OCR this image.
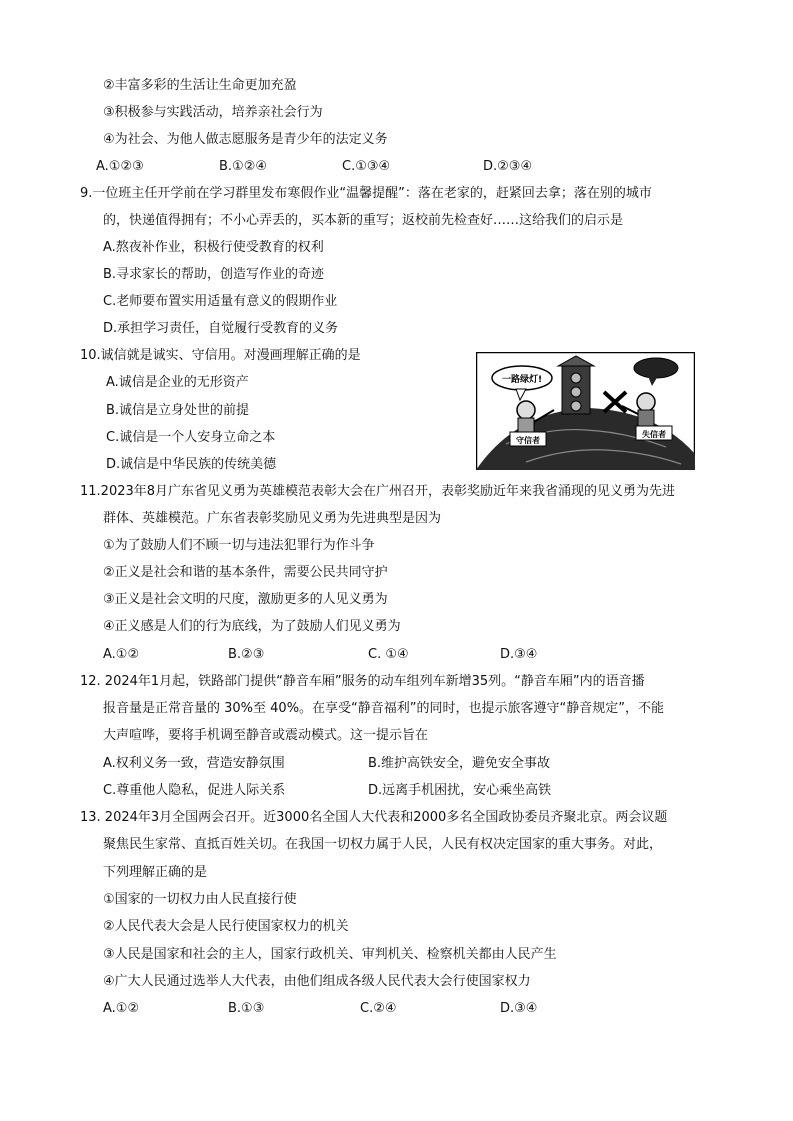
②丰富多彩的生活让生命更加充盈
③积极参与实践活动，培养亲社会行为
④为社会、为他人做志愿服务是青少年的法定义务
A.①②③	B.①②④	C.①③④	D.②③④
9.一位班主任开学前在学习群里发布寒假作业“温馨提醒”：落在老家的，赶紧回去拿；落在别的城市
的，快递值得拥有；不小心弄丢的，买本新的重写；返校前先检查好……这给我们的启示是
A.熬夜补作业，积极行使受教育的权利
B.寻求家长的帮助，创造写作业的奇迹
C.老师要布置实用适量有意义的假期作业
D.承担学习责任，自觉履行受教育的义务
10.诚信就是诚实、守信用。对漫画理解正确的是
A.诚信是企业的无形资产
B.诚信是立身处世的前提
C.诚信是一个人安身立命之本
D.诚信是中华民族的传统美德
一路绿灯!
守信者
失信者
11.2023年8月广东省见义勇为英雄模范表彰大会在广州召开，表彰奖励近年来我省涌现的见义勇为先进
群体、英雄模范。广东省表彰奖励见义勇为先进典型是因为
①为了鼓励人们不顾一切与违法犯罪行为作斗争
②正义是社会和谐的基本条件，需要公民共同守护
③正义是社会文明的尺度，激励更多的人见义勇为
④正义感是人们的行为底线，为了鼓励人们见义勇为
A.①②	B.②③	C. ①④	D.③④
12. 2024年1月起，铁路部门提供“静音车厢”服务的动车组列车新增35列。“静音车厢”内的语音播
报音量是正常音量的 30%至 40%。在享受“静音福利”的同时，也提示旅客遵守“静音规定”，不能
大声喧哗，要将手机调至静音或震动模式。这一提示旨在
A.权利义务一致，营造安静氛围	B.维护高铁安全，避免安全事故
C.尊重他人隐私，促进人际关系	D.远离手机困扰，安心乘坐高铁
13. 2024年3月全国两会召开。近3000名全国人大代表和2000多名全国政协委员齐聚北京。两会议题
聚焦民生家常、直抵百姓关切。在我国一切权力属于人民，人民有权决定国家的重大事务。对此，
下列理解正确的是
①国家的一切权力由人民直接行使
②人民代表大会是人民行使国家权力的机关
③人民是国家和社会的主人，国家行政机关、审判机关、检察机关都由人民产生
④广大人民通过选举人大代表，由他们组成各级人民代表大会行使国家权力
A.①②	B.①③	C.②④	D.③④
